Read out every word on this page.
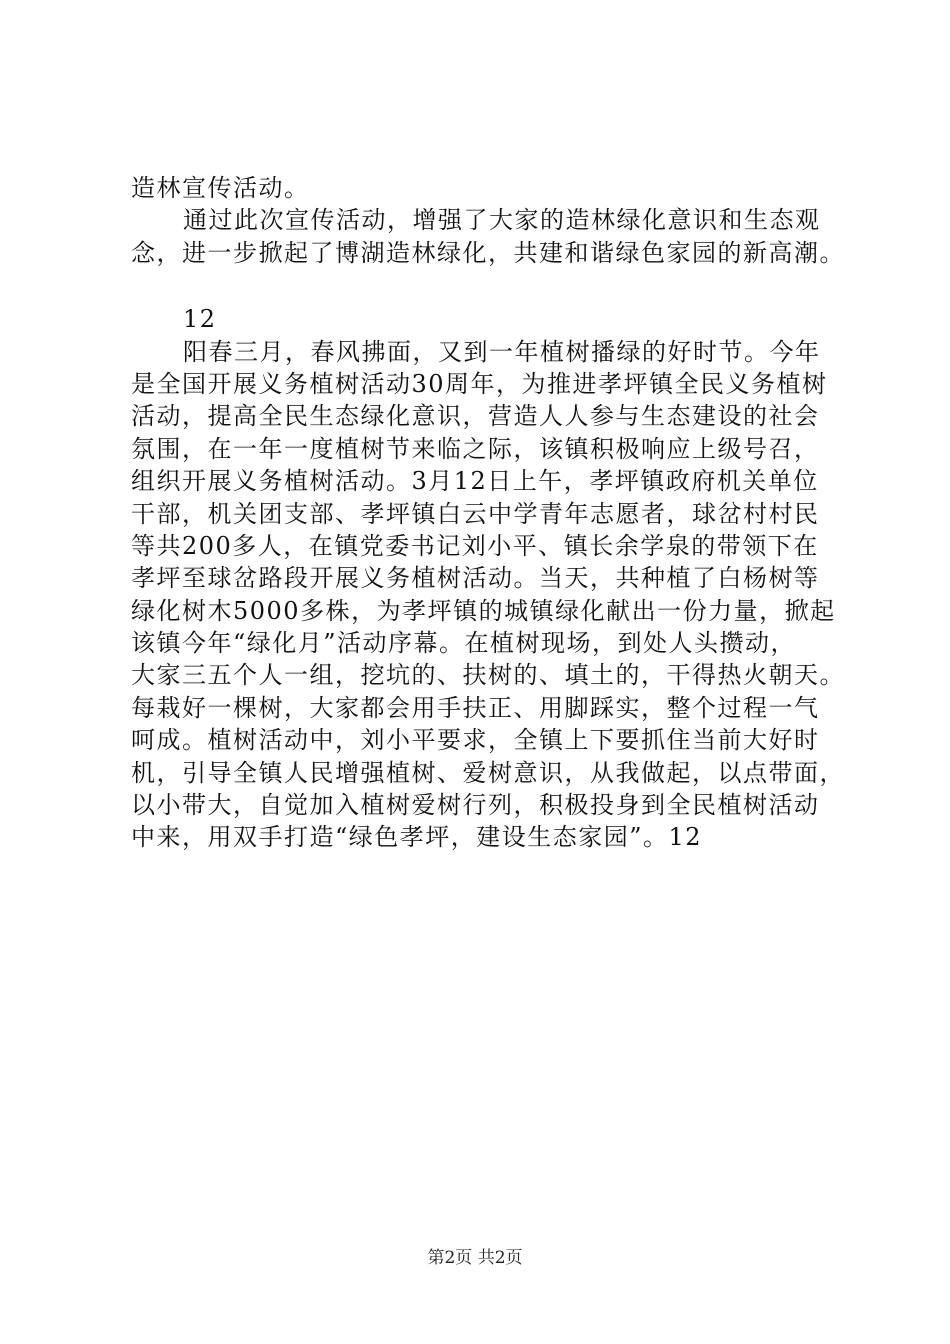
造林宣传活动。

通过此次宣传活动，增强了大家的造林绿化意识和生态观

念，进一步掀起了博湖造林绿化，共建和谐绿色家园的新高潮。

12

阳春三月，春风拂面，又到一年植树播绿的好时节。今年

是全国开展义务植树活动30周年，为推进孝坪镇全民义务植树

活动，提高全民生态绿化意识，营造人人参与生态建设的社会

氛围，在一年一度植树节来临之际，该镇积极响应上级号召，

组织开展义务植树活动。3月12日上午，孝坪镇政府机关单位

干部，机关团支部、孝坪镇白云中学青年志愿者，球岔村村民

等共200多人，在镇党委书记刘小平、镇长余学泉的带领下在

孝坪至球岔路段开展义务植树活动。当天，共种植了白杨树等

绿化树木5000多株，为孝坪镇的城镇绿化献出一份力量，掀起

该镇今年“绿化月”活动序幕。在植树现场，到处人头攒动，

大家三五个人一组，挖坑的、扶树的、填土的，干得热火朝天。

每栽好一棵树，大家都会用手扶正、用脚踩实，整个过程一气

呵成。植树活动中，刘小平要求，全镇上下要抓住当前大好时

机，引导全镇人民增强植树、爱树意识，从我做起，以点带面，

以小带大，自觉加入植树爱树行列，积极投身到全民植树活动

中来，用双手打造“绿色孝坪，建设生态家园”。12

第2页 共2页
